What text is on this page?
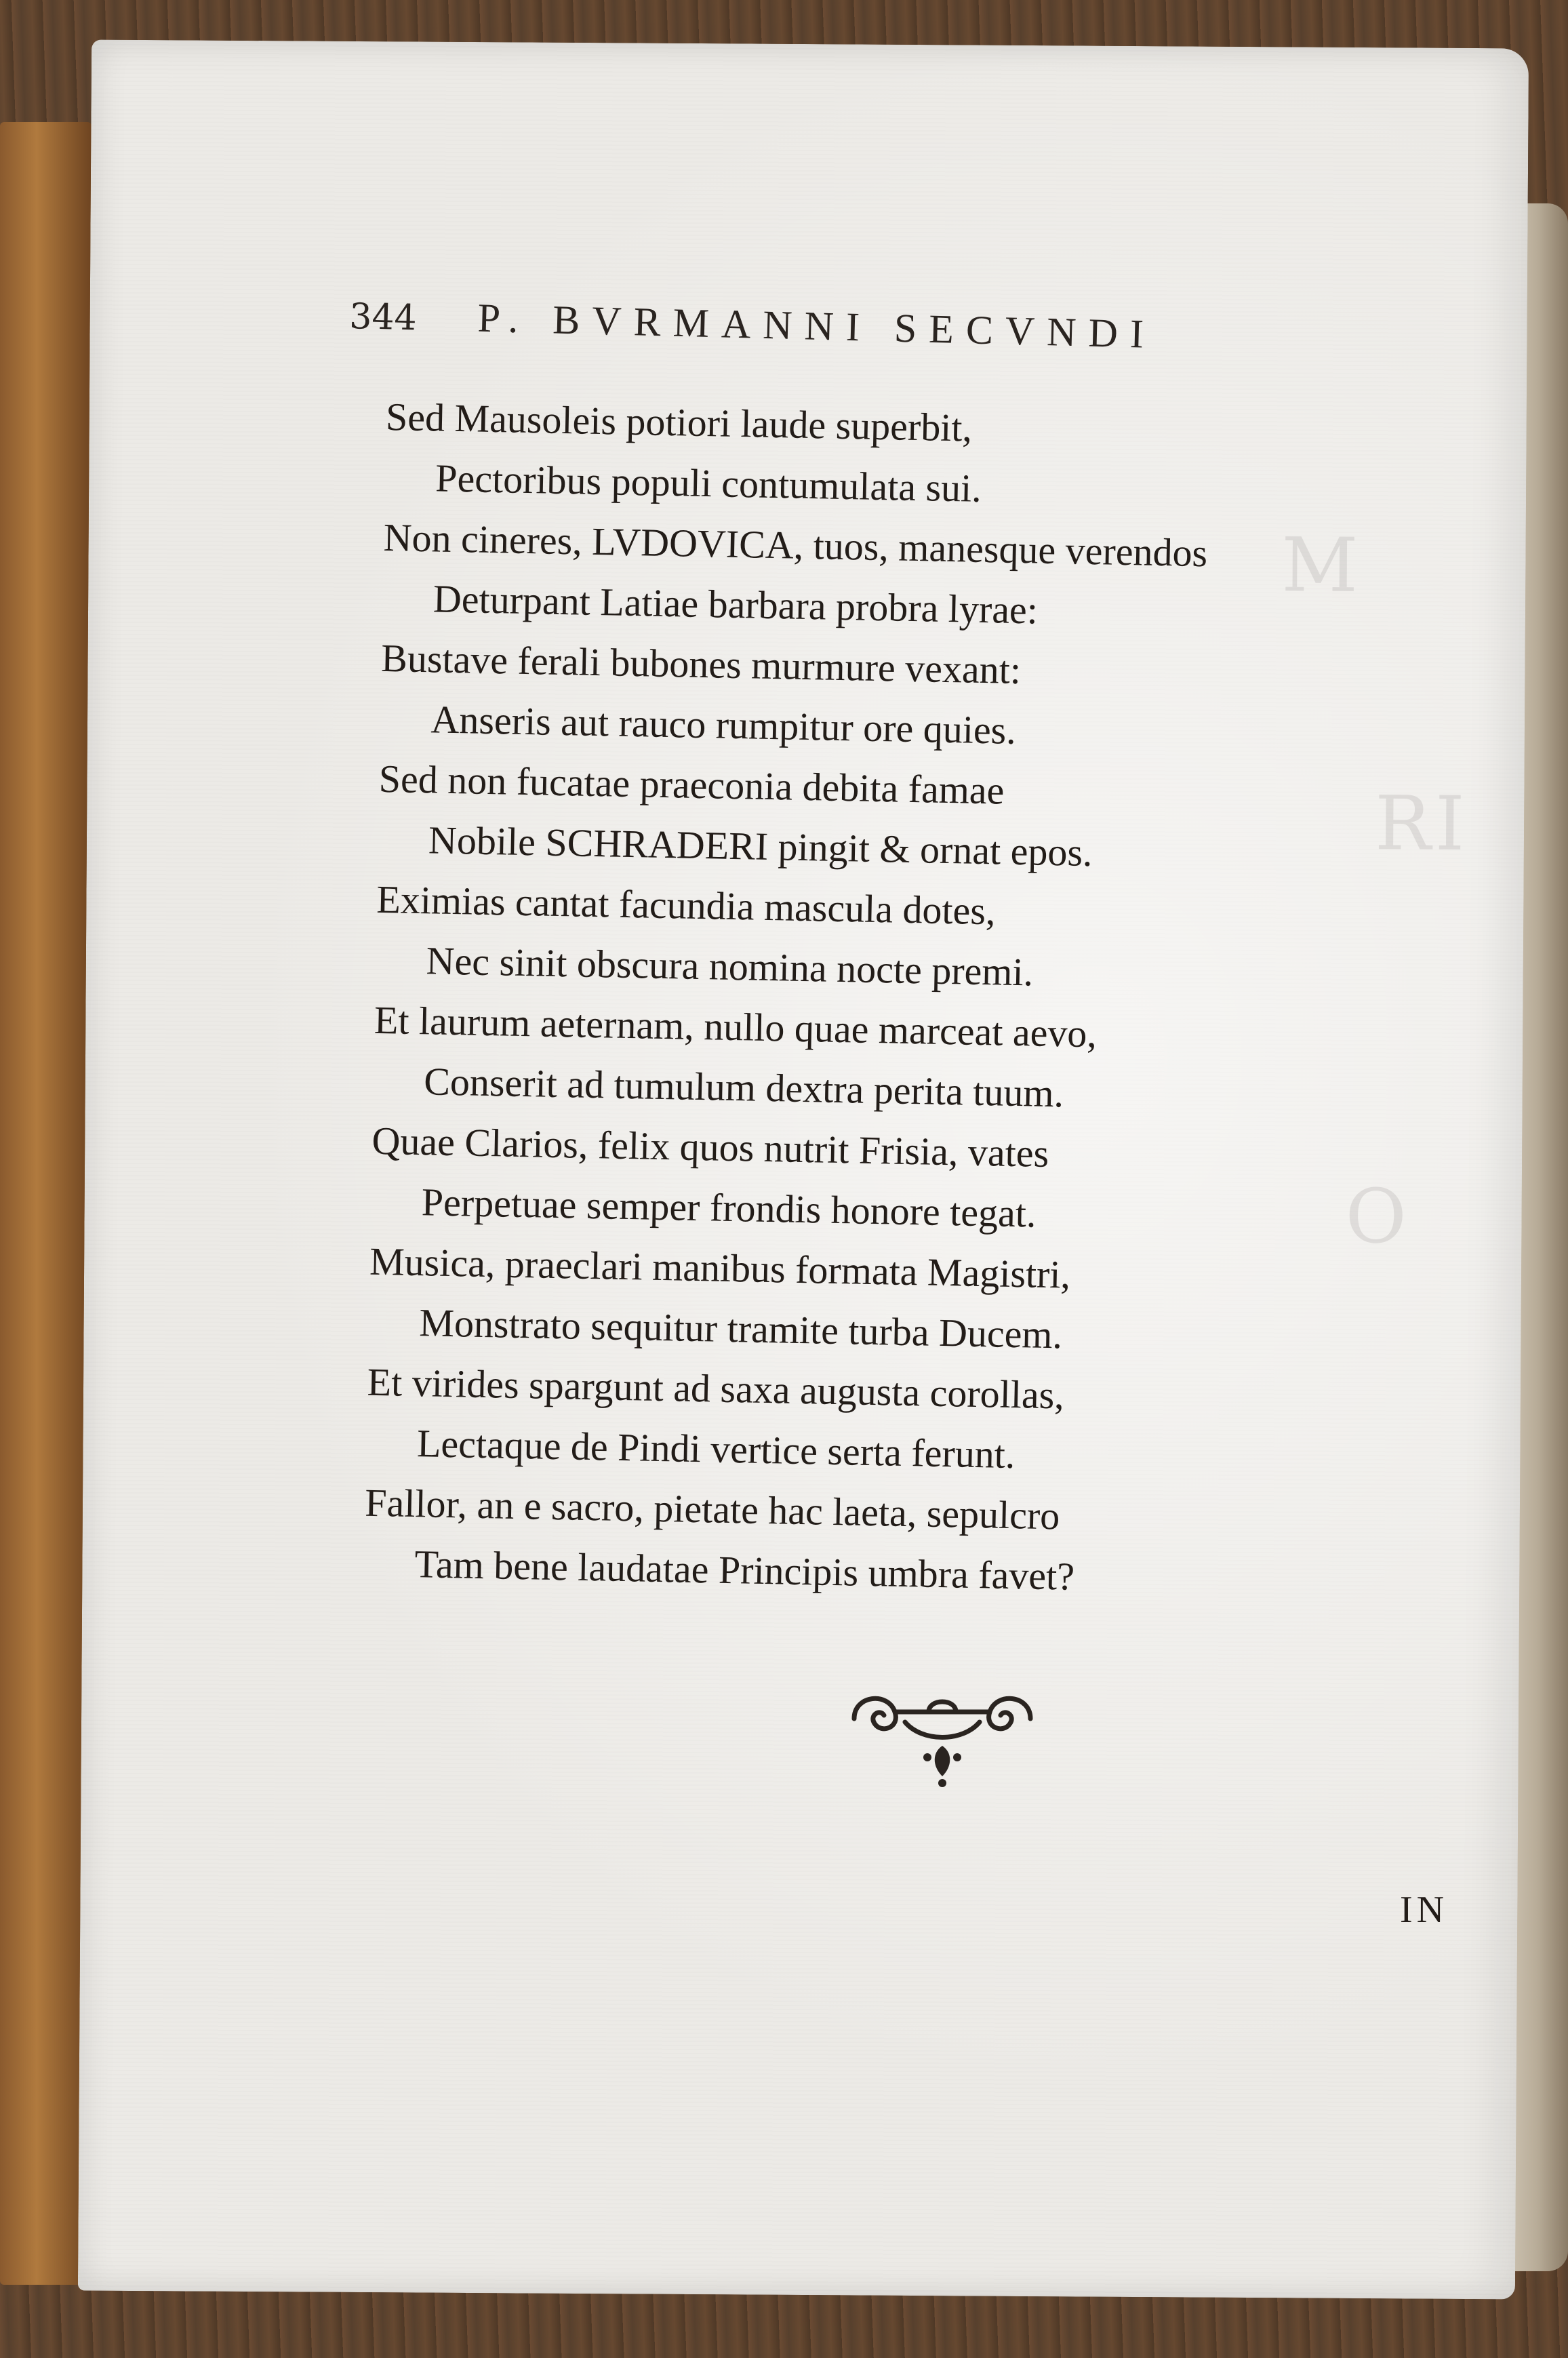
M
RI
O
344 P. BVRMANNI SECVNDI
Sed Mausoleis potiori laude superbit,
Pectoribus populi contumulata sui.
Non cineres, LVDOVICA, tuos, manesque verendos
Deturpant Latiae barbara probra lyrae:
Bustave ferali bubones murmure vexant:
Anseris aut rauco rumpitur ore quies.
Sed non fucatae praeconia debita famae
Nobile SCHRADERI pingit & ornat epos.
Eximias cantat facundia mascula dotes,
Nec sinit obscura nomina nocte premi.
Et laurum aeternam, nullo quae marceat aevo,
Conserit ad tumulum dextra perita tuum.
Quae Clarios, felix quos nutrit Frisia, vates
Perpetuae semper frondis honore tegat.
Musica, praeclari manibus formata Magistri,
Monstrato sequitur tramite turba Ducem.
Et virides spargunt ad saxa augusta corollas,
Lectaque de Pindi vertice serta ferunt.
Fallor, an e sacro, pietate hac laeta, sepulcro
Tam bene laudatae Principis umbra favet?
IN
